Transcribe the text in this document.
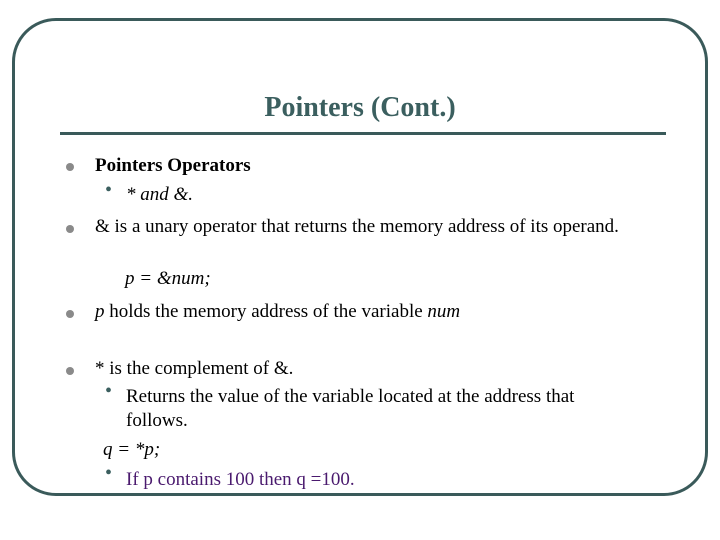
Pointers (Cont.)
Pointers Operators
• * and &.
& is a unary operator that returns the memory address of its operand.
p = &num;
p holds the memory address of the variable num
* is the complement of &.
• Returns the value of the variable located at the address that
follows.
q = *p;
• If p contains 100 then q =100.
